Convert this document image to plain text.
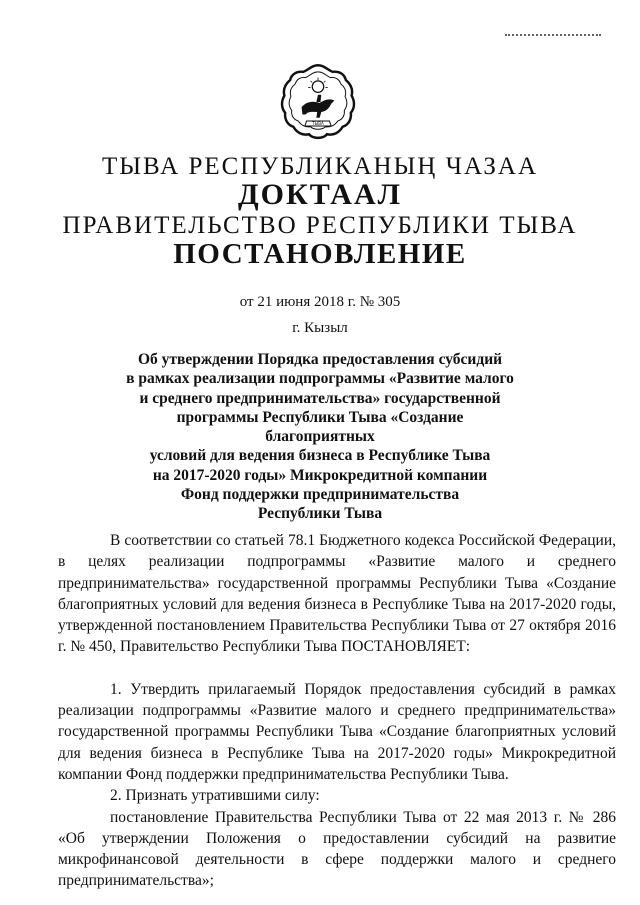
ТЫВА
ТЫВА РЕСПУБЛИКАНЫҢ ЧАЗАА
ДОКТААЛ
ПРАВИТЕЛЬСТВО РЕСПУБЛИКИ ТЫВА
ПОСТАНОВЛЕНИЕ
от 21 июня 2018 г. № 305
г. Кызыл
Об утверждении Порядка предоставления субсидий
в рамках реализации подпрограммы «Развитие малого
и среднего предпринимательства» государственной
программы Республики Тыва «Создание благоприятных
условий для ведения бизнеса в Республике Тыва
на 2017-2020 годы» Микрокредитной компании
Фонд поддержки предпринимательства
Республики Тыва

В соответствии со статьей 78.1 Бюджетного кодекса Российской Федерации, в целях реализации подпрограммы «Развитие малого и среднего предпринимательства» государственной программы Республики Тыва «Создание благоприятных условий для ведения бизнеса в Республике Тыва на 2017-2020 годы, утвержденной постановлением Правительства Республики Тыва от 27 октября 2016 г. № 450, Правительство Республики Тыва ПОСТАНОВЛЯЕТ:

1. Утвердить прилагаемый Порядок предоставления субсидий в рамках реализации подпрограммы «Развитие малого и среднего предпринимательства» государственной программы Республики Тыва «Создание благоприятных условий для ведения бизнеса в Республике Тыва на 2017-2020 годы» Микрокредитной компании Фонд поддержки предпринимательства Республики Тыва.

2. Признать утратившими силу:

постановление Правительства Республики Тыва от 22 мая 2013 г. № 286 «Об утверждении Положения о предоставлении субсидий на развитие микрофинансовой деятельности в сфере поддержки малого и среднего предпринимательства»;
